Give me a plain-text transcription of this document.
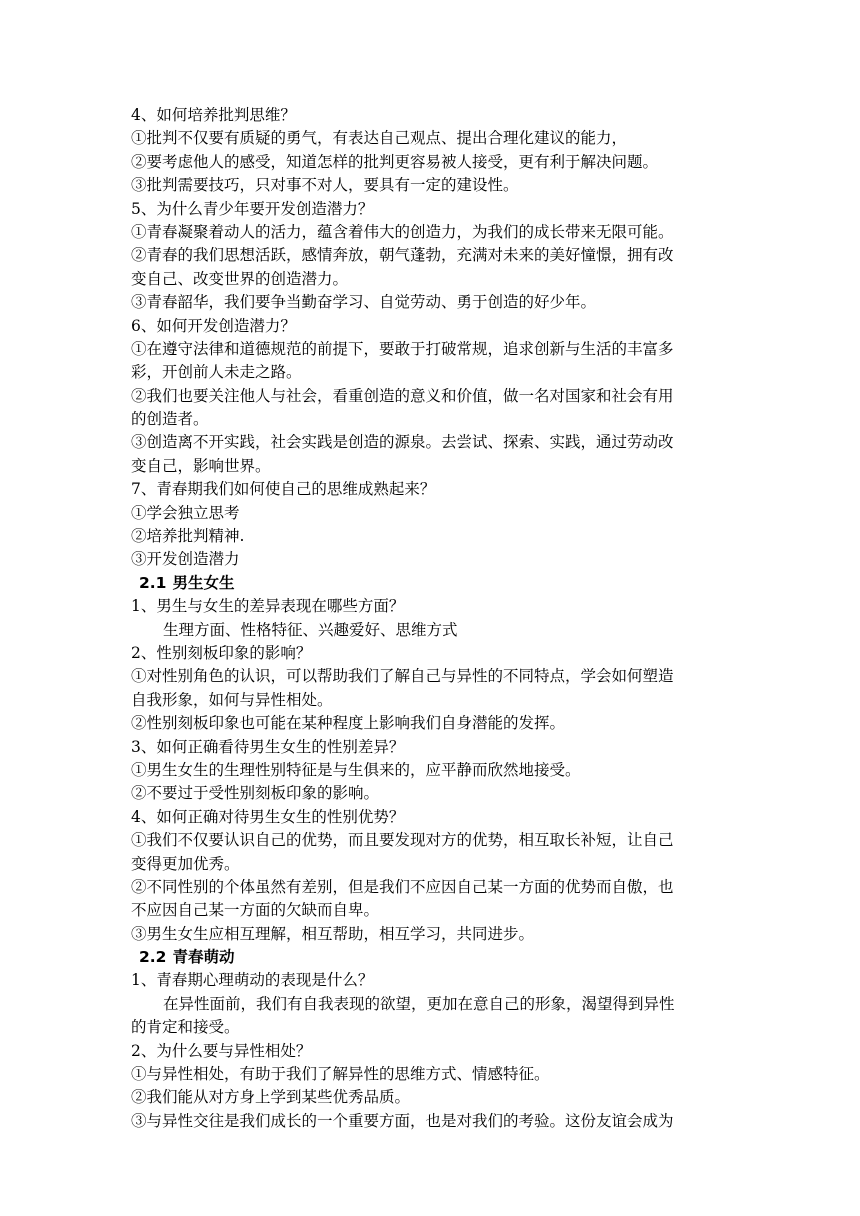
4、如何培养批判思维？
①批判不仅要有质疑的勇气，有表达自己观点、提出合理化建议的能力，
②要考虑他人的感受，知道怎样的批判更容易被人接受，更有利于解决问题。
③批判需要技巧，只对事不对人，要具有一定的建设性。
5、为什么青少年要开发创造潜力？
①青春凝聚着动人的活力，蕴含着伟大的创造力，为我们的成长带来无限可能。
②青春的我们思想活跃，感情奔放，朝气蓬勃，充满对未来的美好憧憬，拥有改
变自己、改变世界的创造潜力。
③青春韶华，我们要争当勤奋学习、自觉劳动、勇于创造的好少年。
6、如何开发创造潜力？
①在遵守法律和道德规范的前提下，要敢于打破常规，追求创新与生活的丰富多
彩，开创前人未走之路。
②我们也要关注他人与社会，看重创造的意义和价值，做一名对国家和社会有用
的创造者。
③创造离不开实践，社会实践是创造的源泉。去尝试、探索、实践，通过劳动改
变自己，影响世界。
7、青春期我们如何使自己的思维成熟起来？
①学会独立思考
②培养批判精神.
③开发创造潜力
2.1 男生女生
1、男生与女生的差异表现在哪些方面？
生理方面、性格特征、兴趣爱好、思维方式
2、性别刻板印象的影响？
①对性别角色的认识，可以帮助我们了解自己与异性的不同特点，学会如何塑造
自我形象，如何与异性相处。
②性别刻板印象也可能在某种程度上影响我们自身潜能的发挥。
3、如何正确看待男生女生的性别差异？
①男生女生的生理性别特征是与生俱来的，应平静而欣然地接受。
②不要过于受性别刻板印象的影响。
4、如何正确对待男生女生的性别优势？
①我们不仅要认识自己的优势，而且要发现对方的优势，相互取长补短，让自己
变得更加优秀。
②不同性别的个体虽然有差别，但是我们不应因自己某一方面的优势而自傲，也
不应因自己某一方面的欠缺而自卑。
③男生女生应相互理解，相互帮助，相互学习，共同进步。
2.2 青春萌动
1、青春期心理萌动的表现是什么？
在异性面前，我们有自我表现的欲望，更加在意自己的形象，渴望得到异性
的肯定和接受。
2、为什么要与异性相处？
①与异性相处，有助于我们了解异性的思维方式、情感特征。
②我们能从对方身上学到某些优秀品质。
③与异性交往是我们成长的一个重要方面，也是对我们的考验。这份友谊会成为
